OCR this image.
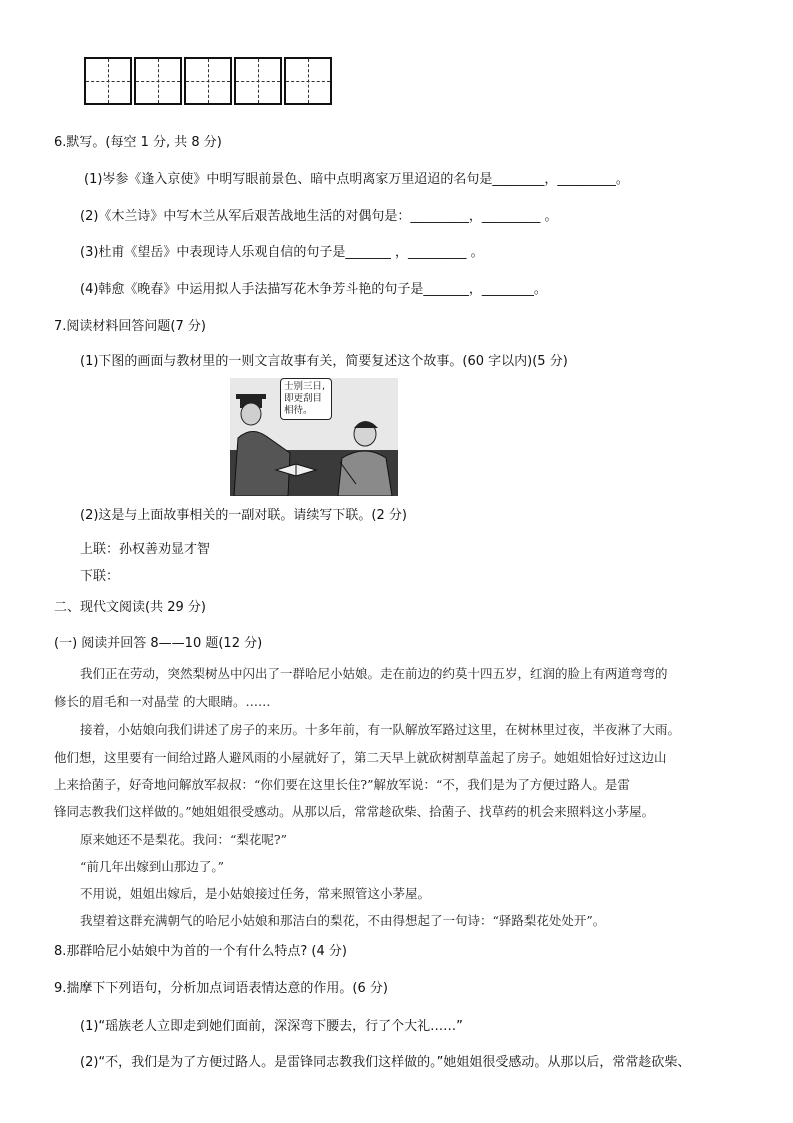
6.默写。(每空 1 分, 共 8 分)
(1)岑参《逢入京使》中明写眼前景色、暗中点明离家万里迢迢的名句是________，_________。
(2)《木兰诗》中写木兰从军后艰苦战地生活的对偶句是：_________，_________ 。
(3)杜甫《望岳》中表现诗人乐观自信的句子是_______ ，_________ 。
(4)韩愈《晚春》中运用拟人手法描写花木争芳斗艳的句子是_______，________。
7.阅读材料回答问题(7 分)
(1)下图的画面与教材里的一则文言故事有关，简要复述这个故事。(60 字以内)(5 分)
士别三日,
即更刮目
相待。
(2)这是与上面故事相关的一副对联。请续写下联。(2 分)
上联：孙权善劝显才智
下联：
二、现代文阅读(共 29 分)
(一) 阅读并回答 8——10 题(12 分)
我们正在劳动，突然梨树丛中闪出了一群哈尼小姑娘。走在前边的约莫十四五岁，红润的脸上有两道弯弯的
修长的眉毛和一对晶莹 的大眼睛。……
接着，小姑娘向我们讲述了房子的来历。十多年前，有一队解放军路过这里，在树林里过夜，半夜淋了大雨。
他们想，这里要有一间给过路人避风雨的小屋就好了，第二天早上就砍树割草盖起了房子。她姐姐恰好过这边山
上来拾菌子，好奇地问解放军叔叔：“你们要在这里长住?”解放军说：“不，我们是为了方便过路人。是雷
锋同志教我们这样做的。”她姐姐很受感动。从那以后，常常趁砍柴、拾菌子、找草药的机会来照料这小茅屋。
原来她还不是梨花。我问：“梨花呢?”
“前几年出嫁到山那边了。”
不用说，姐姐出嫁后，是小姑娘接过任务，常来照管这小茅屋。
我望着这群充满朝气的哈尼小姑娘和那洁白的梨花，不由得想起了一句诗：“驿路梨花处处开”。
8.那群哈尼小姑娘中为首的一个有什么特点? (4 分)
9.揣摩下下列语句，分析加点词语表情达意的作用。(6 分)
(1)“瑶族老人立即走到她们面前，深深弯下腰去，行了个大礼……”
(2)“不，我们是为了方便过路人。是雷锋同志教我们这样做的。”她姐姐很受感动。从那以后，常常趁砍柴、
